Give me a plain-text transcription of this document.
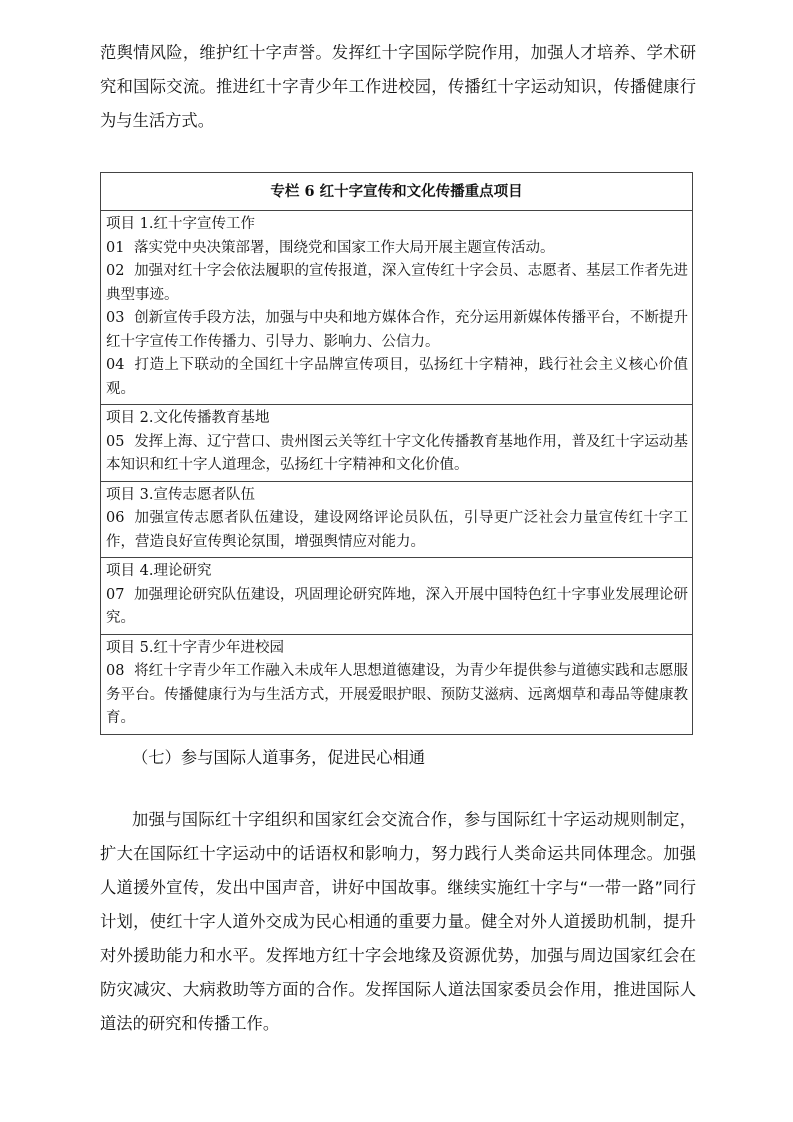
范舆情风险，维护红十字声誉。发挥红十字国际学院作用，加强人才培养、学术研究和国际交流。推进红十字青少年工作进校园，传播红十字运动知识，传播健康行为与生活方式。

专栏 6 红十字宣传和文化传播重点项目
项目 1.红十字宣传工作
01 落实党中央决策部署，围绕党和国家工作大局开展主题宣传活动。
02 加强对红十字会依法履职的宣传报道，深入宣传红十字会员、志愿者、基层工作者先进典型事迹。
03 创新宣传手段方法，加强与中央和地方媒体合作，充分运用新媒体传播平台，不断提升红十字宣传工作传播力、引导力、影响力、公信力。
04 打造上下联动的全国红十字品牌宣传项目，弘扬红十字精神，践行社会主义核心价值观。
项目 2.文化传播教育基地
05 发挥上海、辽宁营口、贵州图云关等红十字文化传播教育基地作用，普及红十字运动基本知识和红十字人道理念，弘扬红十字精神和文化价值。
项目 3.宣传志愿者队伍
06 加强宣传志愿者队伍建设，建设网络评论员队伍，引导更广泛社会力量宣传红十字工作，营造良好宣传舆论氛围，增强舆情应对能力。
项目 4.理论研究
07 加强理论研究队伍建设，巩固理论研究阵地，深入开展中国特色红十字事业发展理论研究。
项目 5.红十字青少年进校园
08 将红十字青少年工作融入未成年人思想道德建设，为青少年提供参与道德实践和志愿服务平台。传播健康行为与生活方式，开展爱眼护眼、预防艾滋病、远离烟草和毒品等健康教育。

（七）参与国际人道事务，促进民心相通

加强与国际红十字组织和国家红会交流合作，参与国际红十字运动规则制定，扩大在国际红十字运动中的话语权和影响力，努力践行人类命运共同体理念。加强人道援外宣传，发出中国声音，讲好中国故事。继续实施红十字与“一带一路”同行计划，使红十字人道外交成为民心相通的重要力量。健全对外人道援助机制，提升对外援助能力和水平。发挥地方红十字会地缘及资源优势，加强与周边国家红会在防灾减灾、大病救助等方面的合作。发挥国际人道法国家委员会作用，推进国际人道法的研究和传播工作。
